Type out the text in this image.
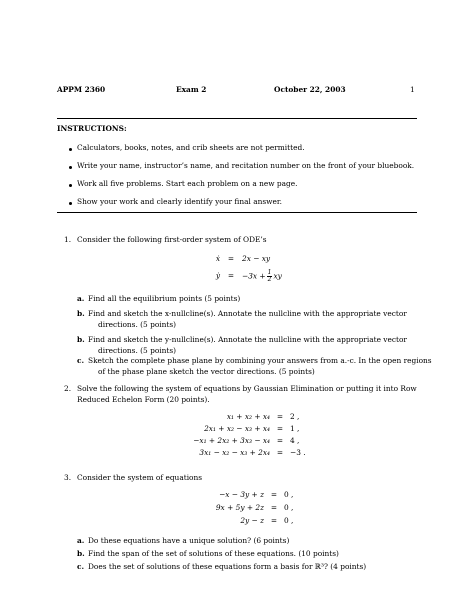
APPM 2360	Exam 2	October 22, 2003	1
INSTRUCTIONS:
Calculators, books, notes, and crib sheets are not permitted.
Write your name, instructor’s name, and recitation number on the front of your bluebook.
Work all five problems. Start each problem on a new page.
Show your work and clearly identify your final answer.
1. Consider the following first-order system of ODE’s
ẋ	=	2x − xy
ẏ	=	$-3x + \frac{1}{2}$ xy
a. Find all the equilibrium points (5 points)
b. Find and sketch the x-nullcline(s). Annotate the nullcline with the appropriate vector
directions. (5 points)
b. Find and sketch the y-nullcline(s). Annotate the nullcline with the appropriate vector
directions. (5 points)
c. Sketch the complete phase plane by combining your answers from a.-c. In the open regions
of the phase plane sketch the vector directions. (5 points)
2. Solve the following the system of equations by Gaussian Elimination or putting it into Row
Reduced Echelon Form (20 points).
x₁ + x₂ + x₄ = 2 ,
2x₁ + x₂ − x₃ + x₄ = 1 ,
−x₁ + 2x₂ + 3x₃ − x₄ = 4 ,
3x₁ − x₂ − x₃ + 2x₄ = −3 .
3. Consider the system of equations
−x − 3y + z = 0 ,
9x + 5y + 2z = 0 ,
2y − z = 0 ,
a. Do these equations have a unique solution? (6 points)
b. Find the span of the set of solutions of these equations. (10 points)
c. Does the set of solutions of these equations form a basis for ℝ³? (4 points)
